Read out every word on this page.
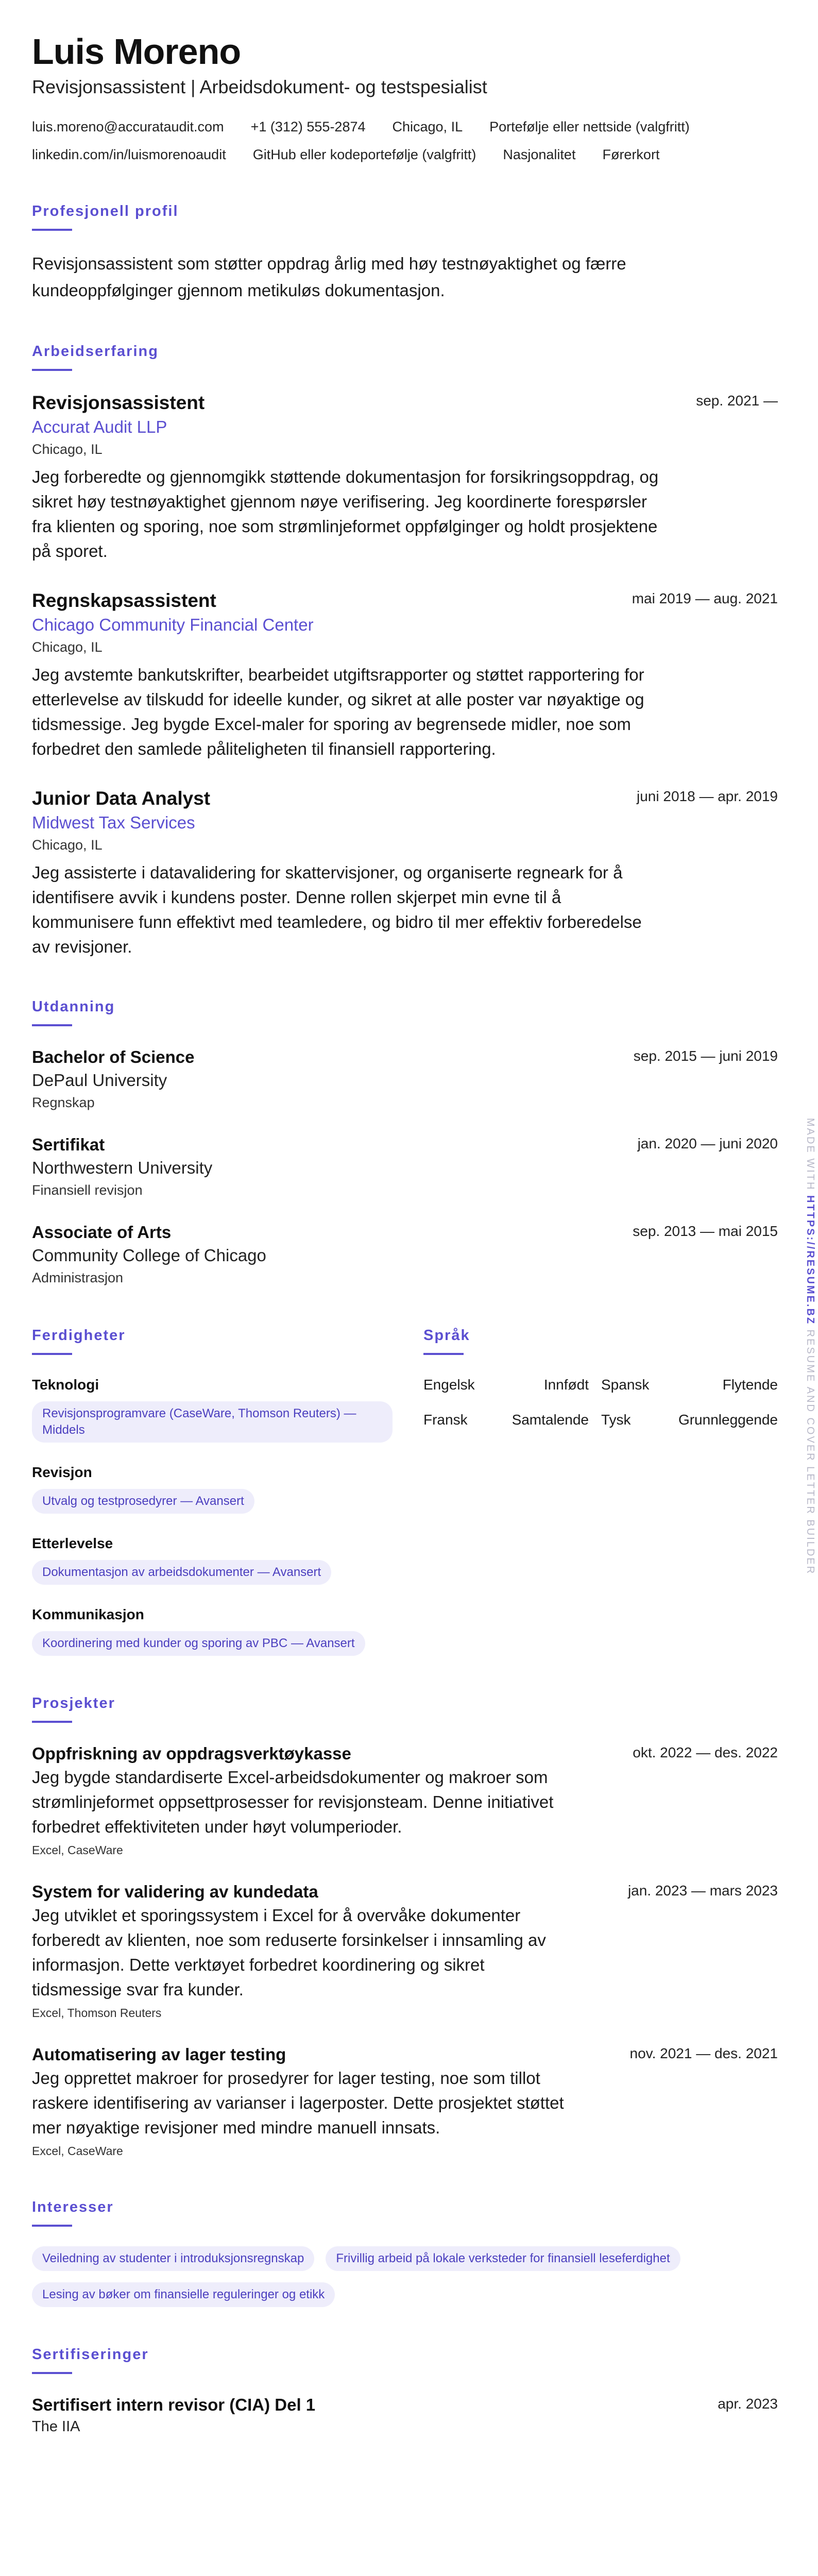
Luis Moreno
Revisjonsassistent | Arbeidsdokument- og testspesialist
luis.moreno@accurataudit.com +1 (312) 555-2874 Chicago, IL Portefølje eller nettside (valgfritt)
linkedin.com/in/luismorenoaudit GitHub eller kodeportefølje (valgfritt) Nasjonalitet Førerkort
Profesjonell profil
Revisjonsassistent som støtter oppdrag årlig med høy testnøyaktighet og færre kundeoppfølginger gjennom metikuløs dokumentasjon.
Arbeidserfaring
Revisjonsassistent	sep. 2021 —
Accurat Audit LLP
Chicago, IL
Jeg forberedte og gjennomgikk støttende dokumentasjon for forsikringsoppdrag, og sikret høy testnøyaktighet gjennom nøye verifisering. Jeg koordinerte forespørsler fra klienten og sporing, noe som strømlinjeformet oppfølginger og holdt prosjektene på sporet.
Regnskapsassistent	mai 2019 — aug. 2021
Chicago Community Financial Center
Chicago, IL
Jeg avstemte bankutskrifter, bearbeidet utgiftsrapporter og støttet rapportering for etterlevelse av tilskudd for ideelle kunder, og sikret at alle poster var nøyaktige og tidsmessige. Jeg bygde Excel-maler for sporing av begrensede midler, noe som forbedret den samlede påliteligheten til finansiell rapportering.
Junior Data Analyst	juni 2018 — apr. 2019
Midwest Tax Services
Chicago, IL
Jeg assisterte i datavalidering for skattervisjoner, og organiserte regneark for å identifisere avvik i kundens poster. Denne rollen skjerpet min evne til å kommunisere funn effektivt med teamledere, og bidro til mer effektiv forberedelse av revisjoner.
Utdanning
Bachelor of Science	sep. 2015 — juni 2019
DePaul University
Regnskap
Sertifikat	jan. 2020 — juni 2020
Northwestern University
Finansiell revisjon
Associate of Arts	sep. 2013 — mai 2015
Community College of Chicago
Administrasjon
Ferdigheter
Teknologi
Revisjonsprogramvare (CaseWare, Thomson Reuters) — Middels
Revisjon
Utvalg og testprosedyrer — Avansert
Etterlevelse
Dokumentasjon av arbeidsdokumenter — Avansert
Kommunikasjon
Koordinering med kunder og sporing av PBC — Avansert
Språk
Engelsk	Innfødt Spansk	Flytende
Fransk	Samtalende Tysk	Grunnleggende
Prosjekter
Oppfriskning av oppdragsverktøykasse	okt. 2022 — des. 2022
Jeg bygde standardiserte Excel-arbeidsdokumenter og makroer som strømlinjeformet oppsettprosesser for revisjonsteam. Denne initiativet forbedret effektiviteten under høyt volumperioder.
Excel, CaseWare
System for validering av kundedata	jan. 2023 — mars 2023
Jeg utviklet et sporingssystem i Excel for å overvåke dokumenter forberedt av klienten, noe som reduserte forsinkelser i innsamling av informasjon. Dette verktøyet forbedret koordinering og sikret tidsmessige svar fra kunder.
Excel, Thomson Reuters
Automatisering av lager testing	nov. 2021 — des. 2021
Jeg opprettet makroer for prosedyrer for lager testing, noe som tillot raskere identifisering av varianser i lagerposter. Dette prosjektet støttet mer nøyaktige revisjoner med mindre manuell innsats.
Excel, CaseWare
Interesser
Veiledning av studenter i introduksjonsregnskap	Frivillig arbeid på lokale verksteder for finansiell leseferdighet
Lesing av bøker om finansielle reguleringer og etikk
Sertifiseringer
Sertifisert intern revisor (CIA) Del 1	apr. 2023
The IIA
MADE WITH HTTPS://RESUME.BZ RESUME AND COVER LETTER BUILDER
